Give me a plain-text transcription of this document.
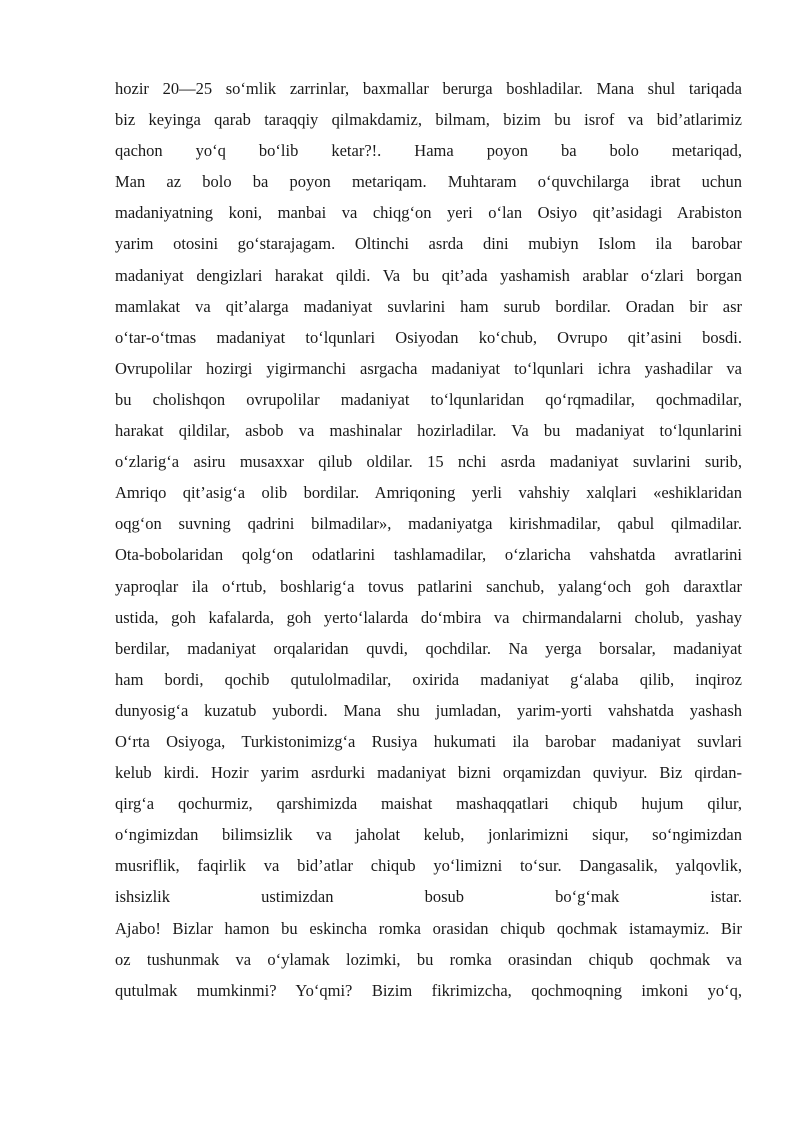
hozir 20—25 so‘mlik zarrinlar, baxmallar berurga boshladilar. Mana shul tariqada
biz keyinga qarab taraqqiy qilmakdamiz, bilmam, bizim bu isrof va bid’atlarimiz
qachon yo‘q bo‘lib ketar?!. Hama poyon ba bolo metariqad,
Man az bolo ba poyon metariqam. Muhtaram o‘quvchilarga ibrat uchun
madaniyatning koni, manbai va chiqg‘on yeri o‘lan Osiyo qit’asidagi Arabiston
yarim otosini go‘starajagam. Oltinchi asrda dini mubiyn Islom ila barobar
madaniyat dengizlari harakat qildi. Va bu qit’ada yashamish arablar o‘zlari borgan
mamlakat va qit’alarga madaniyat suvlarini ham surub bordilar. Oradan bir asr
o‘tar-o‘tmas madaniyat to‘lqunlari Osiyodan ko‘chub, Ovrupo qit’asini bosdi.
Ovrupolilar hozirgi yigirmanchi asrgacha madaniyat to‘lqunlari ichra yashadilar va
bu cholishqon ovrupolilar madaniyat to‘lqunlaridan qo‘rqmadilar, qochmadilar,
harakat qildilar, asbob va mashinalar hozirladilar. Va bu madaniyat to‘lqunlarini
o‘zlarig‘a asiru musaxxar qilub oldilar. 15 nchi asrda madaniyat suvlarini surib,
Amriqo qit’asig‘a olib bordilar. Amriqoning yerli vahshiy xalqlari «eshiklaridan
oqg‘on suvning qadrini bilmadilar», madaniyatga kirishmadilar, qabul qilmadilar.
Ota-bobolaridan qolg‘on odatlarini tashlamadilar, o‘zlaricha vahshatda avratlarini
yaproqlar ila o‘rtub, boshlarig‘a tovus patlarini sanchub, yalang‘och goh daraxtlar
ustida, goh kafalarda, goh yerto‘lalarda do‘mbira va chirmandalarni cholub, yashay
berdilar, madaniyat orqalaridan quvdi, qochdilar. Na yerga borsalar, madaniyat
ham bordi, qochib qutulolmadilar, oxirida madaniyat g‘alaba qilib, inqiroz
dunyosig‘a kuzatub yubordi. Mana shu jumladan, yarim-yorti vahshatda yashash
O‘rta Osiyoga, Turkistonimizg‘a Rusiya hukumati ila barobar madaniyat suvlari
kelub kirdi. Hozir yarim asrdurki madaniyat bizni orqamizdan quviyur. Biz qirdan-
qirg‘a qochurmiz, qarshimizda maishat mashaqqatlari chiqub hujum qilur,
o‘ngimizdan bilimsizlik va jaholat kelub, jonlarimizni siqur, so‘ngimizdan
musriflik, faqirlik va bid’atlar chiqub yo‘limizni to‘sur. Dangasalik, yalqovlik,
ishsizlik ustimizdan bosub bo‘g‘mak istar.
Ajabo! Bizlar hamon bu eskincha romka orasidan chiqub qochmak istamaymiz. Bir
oz tushunmak va o‘ylamak lozimki, bu romka orasindan chiqub qochmak va
qutulmak mumkinmi? Yo‘qmi? Bizim fikrimizcha, qochmoqning imkoni yo‘q,
